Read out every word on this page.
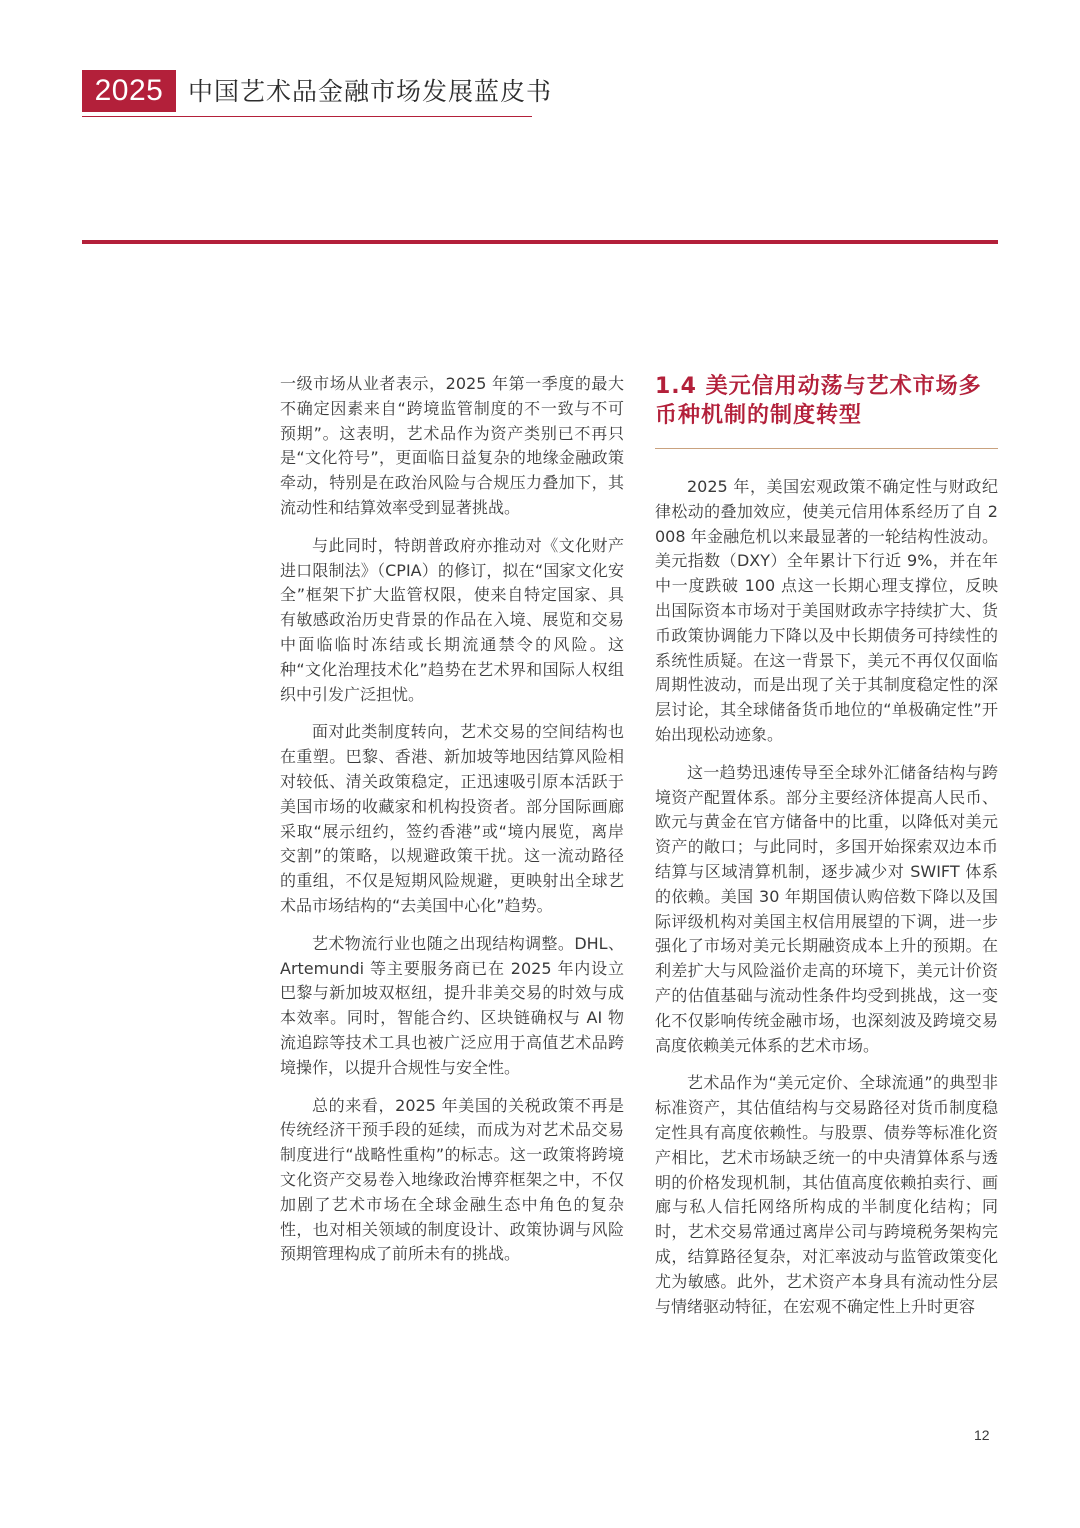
2025 中国艺术品金融市场发展蓝皮书

一级市场从业者表示，2025 年第一季度的最大不确定因素来自“跨境监管制度的不一致与不可预期”。这表明，艺术品作为资产类别已不再只是“文化符号”，更面临日益复杂的地缘金融政策牵动，特别是在政治风险与合规压力叠加下，其流动性和结算效率受到显著挑战。

与此同时，特朗普政府亦推动对《文化财产进口限制法》（CPIA）的修订，拟在“国家文化安全”框架下扩大监管权限，使来自特定国家、具有敏感政治历史背景的作品在入境、展览和交易中面临临时冻结或长期流通禁令的风险。这种“文化治理技术化”趋势在艺术界和国际人权组织中引发广泛担忧。

面对此类制度转向，艺术交易的空间结构也在重塑。巴黎、香港、新加坡等地因结算风险相对较低、清关政策稳定，正迅速吸引原本活跃于美国市场的收藏家和机构投资者。部分国际画廊采取“展示纽约，签约香港”或“境内展览，离岸交割”的策略，以规避政策干扰。这一流动路径的重组，不仅是短期风险规避，更映射出全球艺术品市场结构的“去美国中心化”趋势。

艺术物流行业也随之出现结构调整。DHL、Artemundi 等主要服务商已在 2025 年内设立巴黎与新加坡双枢纽，提升非美交易的时效与成本效率。同时，智能合约、区块链确权与 AI 物流追踪等技术工具也被广泛应用于高值艺术品跨境操作，以提升合规性与安全性。

总的来看，2025 年美国的关税政策不再是传统经济干预手段的延续，而成为对艺术品交易制度进行“战略性重构”的标志。这一政策将跨境文化资产交易卷入地缘政治博弈框架之中，不仅加剧了艺术市场在全球金融生态中角色的复杂性，也对相关领域的制度设计、政策协调与风险预期管理构成了前所未有的挑战。

1.4 美元信用动荡与艺术市场多币种机制的制度转型

2025 年，美国宏观政策不确定性与财政纪律松动的叠加效应，使美元信用体系经历了自 2008 年金融危机以来最显著的一轮结构性波动。美元指数（DXY）全年累计下行近 9%，并在年中一度跌破 100 点这一长期心理支撑位，反映出国际资本市场对于美国财政赤字持续扩大、货币政策协调能力下降以及中长期债务可持续性的系统性质疑。在这一背景下，美元不再仅仅面临周期性波动，而是出现了关于其制度稳定性的深层讨论，其全球储备货币地位的“单极确定性”开始出现松动迹象。

这一趋势迅速传导至全球外汇储备结构与跨境资产配置体系。部分主要经济体提高人民币、欧元与黄金在官方储备中的比重，以降低对美元资产的敞口；与此同时，多国开始探索双边本币结算与区域清算机制，逐步减少对 SWIFT 体系的依赖。美国 30 年期国债认购倍数下降以及国际评级机构对美国主权信用展望的下调，进一步强化了市场对美元长期融资成本上升的预期。在利差扩大与风险溢价走高的环境下，美元计价资产的估值基础与流动性条件均受到挑战，这一变化不仅影响传统金融市场，也深刻波及跨境交易高度依赖美元体系的艺术市场。

艺术品作为“美元定价、全球流通”的典型非标准资产，其估值结构与交易路径对货币制度稳定性具有高度依赖性。与股票、债券等标准化资产相比，艺术市场缺乏统一的中央清算体系与透明的价格发现机制，其估值高度依赖拍卖行、画廊与私人信托网络所构成的半制度化结构；同时，艺术交易常通过离岸公司与跨境税务架构完成，结算路径复杂，对汇率波动与监管政策变化尤为敏感。此外，艺术资产本身具有流动性分层与情绪驱动特征，在宏观不确定性上升时更容

12
